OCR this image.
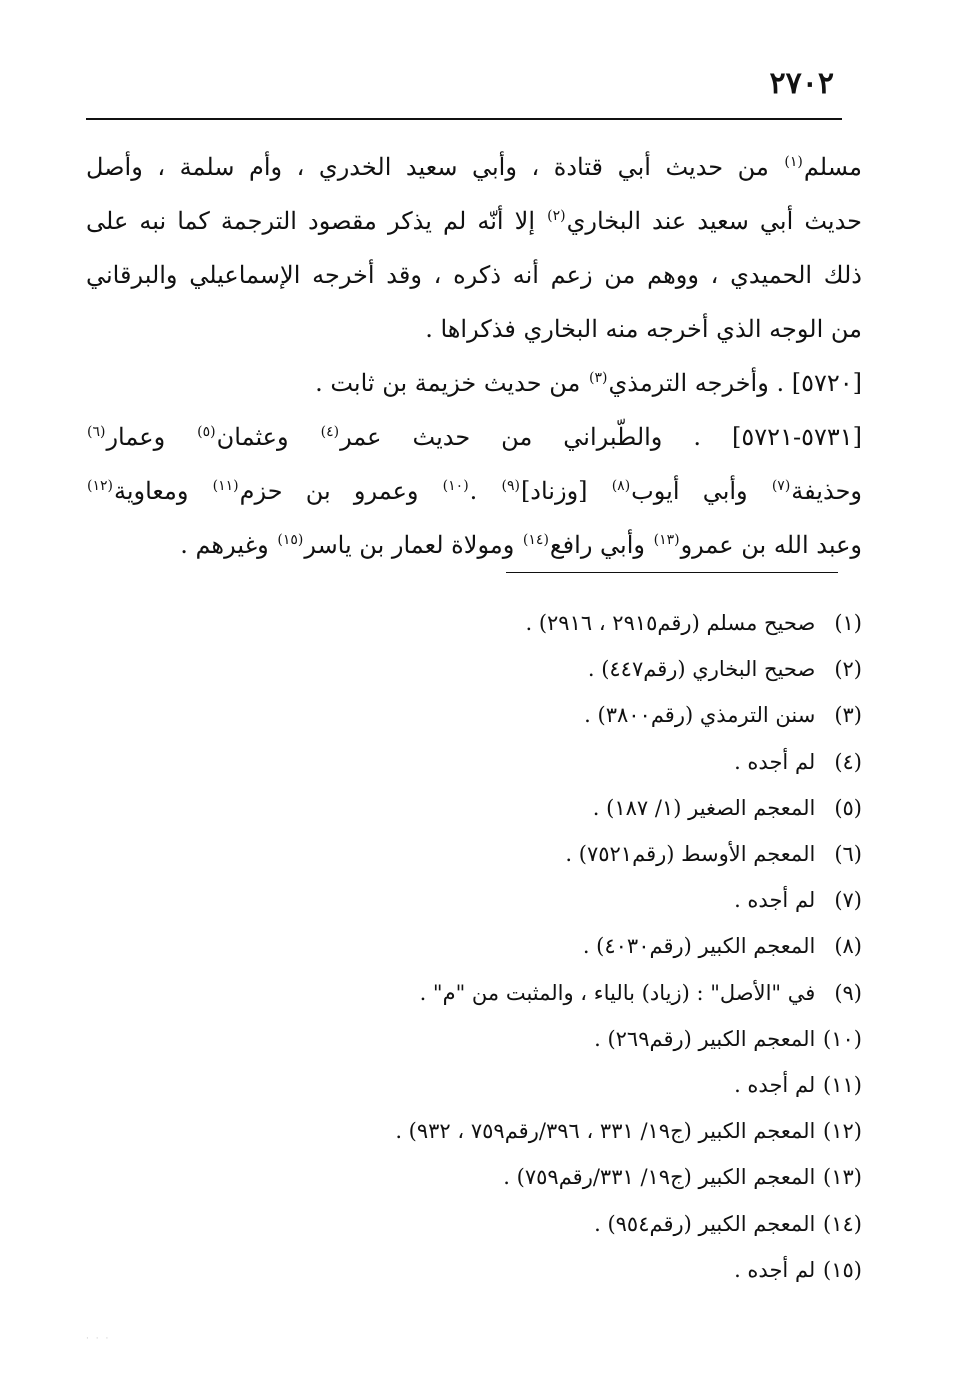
٢٧٠٢

مسلم$^{(١)}$ من حديث أبي قتادة ، وأبي سعيد الخدري ، وأم سلمة ، وأصل
حديث أبي سعيد عند البخاري$^{(٢)}$ إلا أنّه لم يذكر مقصود الترجمة كما نبه على
ذلك الحميدي ، ووهم من زعم أنه ذكره ، وقد أخرجه الإسماعيلي والبرقاني
من الوجه الذي أخرجه منه البخاري فذكراها .
[٥٧٢٠] . وأخرجه الترمذي$^{(٣)}$ من حديث خزيمة بن ثابت .
[٥٧٣١-٥٧٢١] . والطّبراني من حديث عمر$^{(٤)}$ وعثمان$^{(٥)}$ وعمار$^{(٦)}$
وحذيفة$^{(٧)}$ وأبي أيوب$^{(٨)}$ [وزناد]$^{(٩)}$ .$^{(١٠)}$ وعمرو بن حزم$^{(١١)}$ ومعاوية$^{(١٢)}$
وعبد الله بن عمرو$^{(١٣)}$ وأبي رافع$^{(١٤)}$ ومولاة لعمار بن ياسر$^{(١٥)}$ وغيرهم .

(١) صحيح مسلم (رقم٢٩١٥ ، ٢٩١٦) .
(٢) صحيح البخاري (رقم٤٤٧) .
(٣) سنن الترمذي (رقم٣٨٠٠) .
(٤) لم أجده .
(٥) المعجم الصغير (١/ ١٨٧) .
(٦) المعجم الأوسط (رقم٧٥٢١) .
(٧) لم أجده .
(٨) المعجم الكبير (رقم٤٠٣٠) .
(٩) في "الأصل" : (زياد) بالياء ، والمثبت من "م" .
(١٠) المعجم الكبير (رقم٢٦٩) .
(١١) لم أجده .
(١٢) المعجم الكبير (ج١٩/ ٣٣١ ، ٣٩٦/رقم٧٥٩ ، ٩٣٢) .
(١٣) المعجم الكبير (ج١٩/ ٣٣١/رقم٧٥٩) .
(١٤) المعجم الكبير (رقم٩٥٤) .
(١٥) لم أجده .
· · ·
